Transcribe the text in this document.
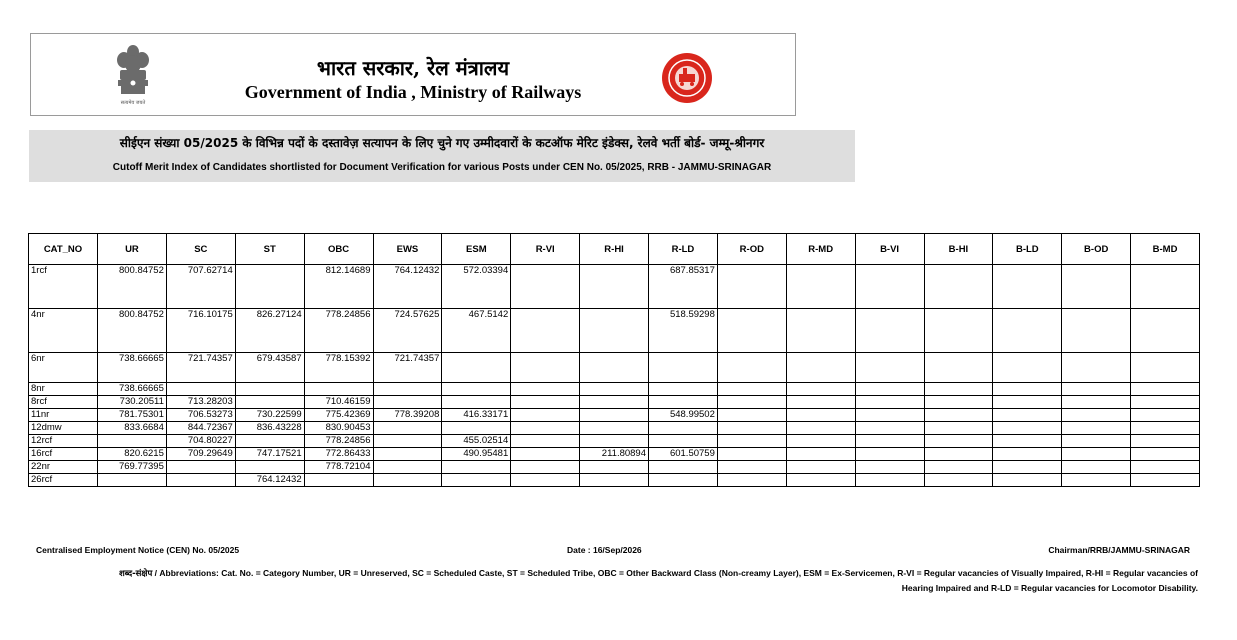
सत्यमेव जयते
भारत सरकार, रेल मंत्रालय
Government of India , Ministry of Railways
सीईएन संख्या 05/2025 के विभिन्न पदों के दस्तावेज़ सत्यापन के लिए चुने गए उम्मीदवारों के कटऑफ मेरिट इंडेक्स, रेलवे भर्ती बोर्ड- जम्मू-श्रीनगर
Cutoff Merit Index of Candidates shortlisted for Document Verification for various Posts under CEN No. 05/2025, RRB - JAMMU-SRINAGAR
CAT_NO	UR	SC	ST	OBC	EWS	ESM	R-VI	R-HI	R-LD	R-OD	R-MD	B-VI	B-HI	B-LD	B-OD	B-MD
1rcf	800.84752	707.62714		812.14689	764.12432	572.03394			687.85317							
4nr	800.84752	716.10175	826.27124	778.24856	724.57625	467.5142			518.59298							
6nr	738.66665	721.74357	679.43587	778.15392	721.74357											
8nr	738.66665															
8rcf	730.20511	713.28203		710.46159												
11nr	781.75301	706.53273	730.22599	775.42369	778.39208	416.33171			548.99502							
12dmw	833.6684	844.72367	836.43228	830.90453												
12rcf		704.80227		778.24856		455.02514										
16rcf	820.6215	709.29649	747.17521	772.86433		490.95481		211.80894	601.50759							
22nr	769.77395			778.72104												
26rcf			764.12432													
Centralised Employment Notice (CEN) No. 05/2025	Date : 16/Sep/2026	Chairman/RRB/JAMMU-SRINAGAR
शब्द-संक्षेप / Abbreviations: Cat. No. = Category Number, UR = Unreserved, SC = Scheduled Caste, ST = Scheduled Tribe, OBC = Other Backward Class (Non-creamy Layer), ESM = Ex-Servicemen, R-VI = Regular vacancies of Visually Impaired, R-HI = Regular vacancies of
Hearing Impaired and R-LD = Regular vacancies for Locomotor Disability.
